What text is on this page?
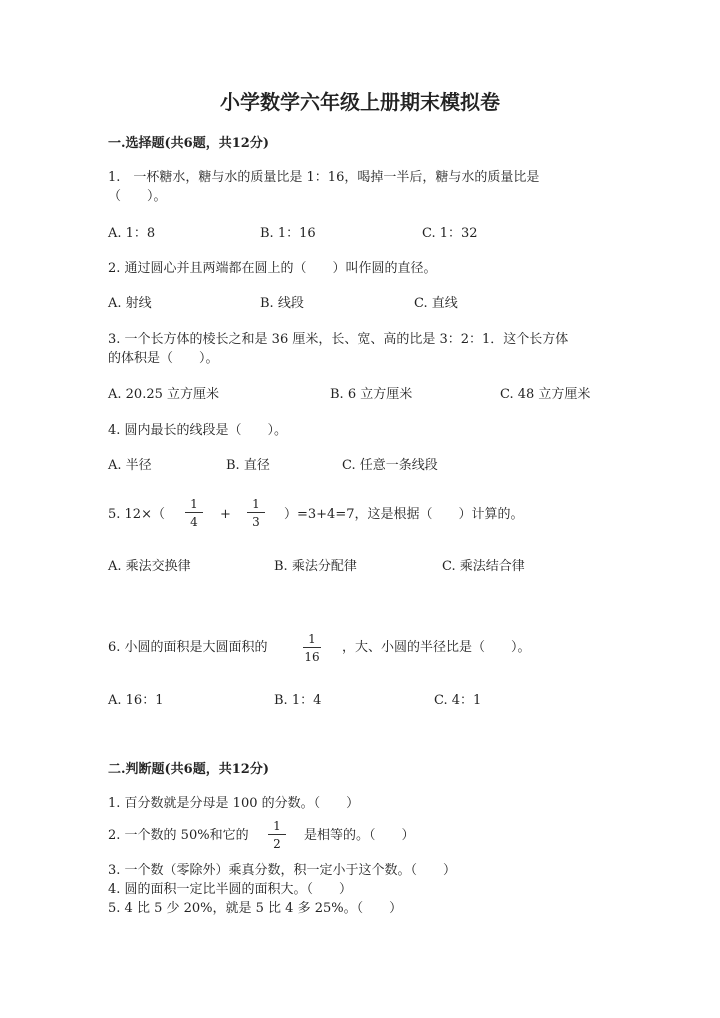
小学数学六年级上册期末模拟卷
一.选择题(共6题，共12分)
1.　一杯糖水，糖与水的质量比是 1：16，喝掉一半后，糖与水的质量比是
（　　）。
A. 1：8	B. 1：16	C. 1：32
2. 通过圆心并且两端都在圆上的（　　）叫作圆的直径。
A. 射线	B. 线段	C. 直线
3. 一个长方体的棱长之和是 36 厘米，长、宽、高的比是 3：2：1．这个长方体
的体积是（　　）。
A. 20.25 立方厘米	B. 6 立方厘米	C. 48 立方厘米
4. 圆内最长的线段是（　　）。
A. 半径	B. 直径	C. 任意一条线段
5. 12×（
1
4	+
1
3	）=3+4=7，这是根据（　　）计算的。
A. 乘法交换律	B. 乘法分配律	C. 乘法结合律
6. 小圆的面积是大圆面积的
1
16
，大、小圆的半径比是（　　）。
A. 16：1	B. 1：4	C. 4：1
二.判断题(共6题，共12分)
1. 百分数就是分母是 100 的分数。（　　）
2. 一个数的 50%和它的
1
2
是相等的。（　　）
3. 一个数（零除外）乘真分数，积一定小于这个数。（　　）
4. 圆的面积一定比半圆的面积大。（　　）
5. 4 比 5 少 20%，就是 5 比 4 多 25%。（　　）
